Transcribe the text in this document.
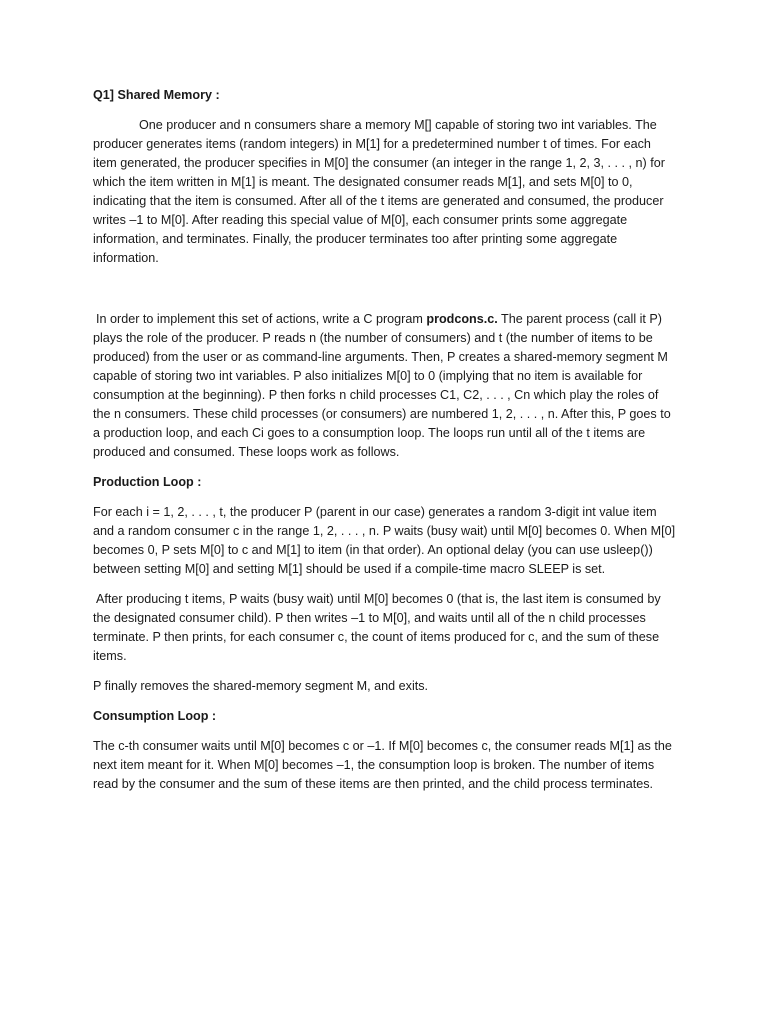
Q1] Shared Memory :

One producer and n consumers share a memory M[] capable of storing two int variables. The producer generates items (random integers) in M[1] for a predetermined number t of times. For each item generated, the producer specifies in M[0] the consumer (an integer in the range 1, 2, 3, . . . , n) for which the item written in M[1] is meant. The designated consumer reads M[1], and sets M[0] to 0, indicating that the item is consumed. After all of the t items are generated and consumed, the producer writes –1 to M[0]. After reading this special value of M[0], each consumer prints some aggregate information, and terminates. Finally, the producer terminates too after printing some aggregate information.

In order to implement this set of actions, write a C program prodcons.c. The parent process (call it P) plays the role of the producer. P reads n (the number of consumers) and t (the number of items to be produced) from the user or as command-line arguments. Then, P creates a shared-memory segment M capable of storing two int variables. P also initializes M[0] to 0 (implying that no item is available for consumption at the beginning). P then forks n child processes C1, C2, . . . , Cn which play the roles of the n consumers. These child processes (or consumers) are numbered 1, 2, . . . , n. After this, P goes to a production loop, and each Ci goes to a consumption loop. The loops run until all of the t items are produced and consumed. These loops work as follows.

Production Loop :

For each i = 1, 2, . . . , t, the producer P (parent in our case) generates a random 3-digit int value item and a random consumer c in the range 1, 2, . . . , n. P waits (busy wait) until M[0] becomes 0. When M[0] becomes 0, P sets M[0] to c and M[1] to item (in that order). An optional delay (you can use usleep()) between setting M[0] and setting M[1] should be used if a compile-time macro SLEEP is set.

After producing t items, P waits (busy wait) until M[0] becomes 0 (that is, the last item is consumed by the designated consumer child). P then writes –1 to M[0], and waits until all of the n child processes terminate. P then prints, for each consumer c, the count of items produced for c, and the sum of these items.

P finally removes the shared-memory segment M, and exits.

Consumption Loop :

The c-th consumer waits until M[0] becomes c or –1. If M[0] becomes c, the consumer reads M[1] as the next item meant for it. When M[0] becomes –1, the consumption loop is broken. The number of items read by the consumer and the sum of these items are then printed, and the child process terminates.
